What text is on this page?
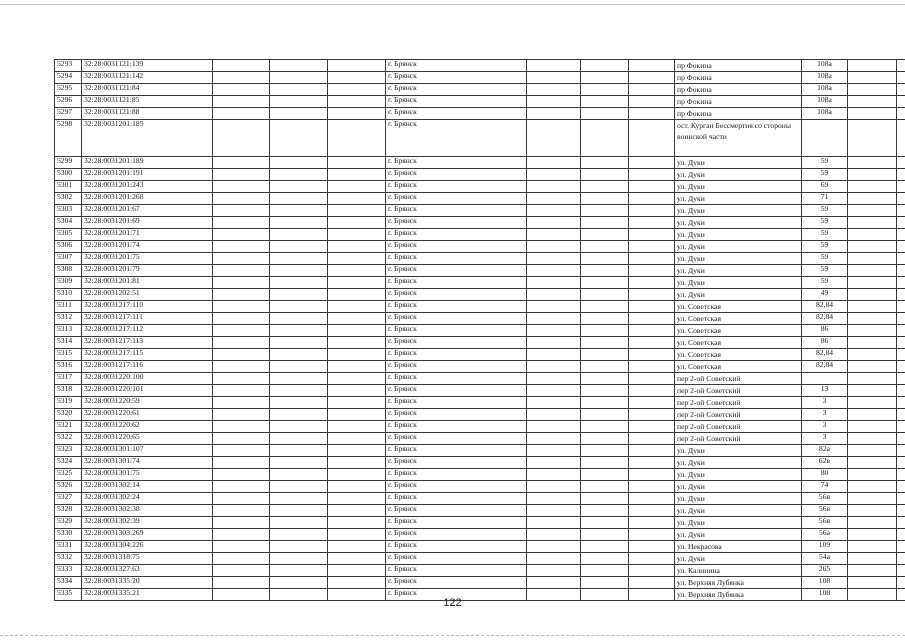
5293	32:28:0031121:139				г. Брянск				пр Фокина	108а			
5294	32:28:0031121:142				г. Брянск				пр Фокина	108а			
5295	32:28:0031121:84				г. Брянск				пр Фокина	108а			
5296	32:28:0031121:85				г. Брянск				пр Фокина	108а			
5297	32:28:0031121:88				г. Брянск				пр Фокина	108а			
5298	32:28:0031201:185				г. Брянск				ост. Курган Бессмертия со стороны воинской части				
5299	32:28:0031201:189				г. Брянск				ул. Дуки	59			
5300	32:28:0031201:191				г. Брянск				ул. Дуки	59			
5301	32:28:0031201:243				г. Брянск				ул. Дуки	69			
5302	32:28:0031201:268				г. Брянск				ул. Дуки	71			
5303	32:28:0031201:67				г. Брянск				ул. Дуки	59			
5304	32:28:0031201:69				г. Брянск				ул. Дуки	59			
5305	32:28:0031201:71				г. Брянск				ул. Дуки	59			
5306	32:28:0031201:74				г. Брянск				ул. Дуки	59			
5307	32:28:0031201:75				г. Брянск				ул. Дуки	59			
5308	32:28:0031201:79				г. Брянск				ул. Дуки	59			
5309	32:28:0031201:81				г. Брянск				ул. Дуки	59			
5310	32:28:0031202:51				г. Брянск				ул. Дуки	49			
5311	32:28:0031217:110				г. Брянск				ул. Советская	82,84			
5312	32:28:0031217:111				г. Брянск				ул. Советская	82,84			
5313	32:28:0031217:112				г. Брянск				ул. Советская	86			
5314	32:28:0031217:113				г. Брянск				ул. Советская	86			
5315	32:28:0031217:115				г. Брянск				ул. Советская	82,84			
5316	32:28:0031217:116				г. Брянск				ул. Советская	82,84			
5317	32:28:0031220:100				г. Брянск				пер 2-ой Советский				
5318	32:28:0031220:101				г. Брянск				пер 2-ой Советский	13			
5319	32:28:0031220:59				г. Брянск				пер 2-ой Советский	3			
5320	32:28:0031220:61				г. Брянск				пер 2-ой Советский	3			
5321	32:28:0031220:62				г. Брянск				пер 2-ой Советский	3			
5322	32:28:0031220:65				г. Брянск				пер 2-ой Советский	3			
5323	32:28:0031301:107				г. Брянск				ул. Дуки	82а			
5324	32:28:0031301:74				г. Брянск				ул. Дуки	62в			
5325	32:28:0031301:75				г. Брянск				ул. Дуки	80			
5326	32:28:0031302:14				г. Брянск				ул. Дуки	74			
5327	32:28:0031302:24				г. Брянск				ул. Дуки	56в			
5328	32:28:0031302:38				г. Брянск				ул. Дуки	56в			
5329	32:28:0031302:39				г. Брянск				ул. Дуки	56в			
5330	32:28:0031303:269				г. Брянск				ул. Дуки	56а			
5331	32:28:0031304:226				г. Брянск				ул. Некрасова	109			
5332	32:28:0031318:75				г. Брянск				ул. Дуки	54а			
5333	32:28:0031327:63				г. Брянск				ул. Калинина	265			
5334	32:28:0031335:20				г. Брянск				ул. Верхняя Лубянка	108			
5335	32:28:0031335:21				г. Брянск				ул. Верхняя Лубянка	108			
122
